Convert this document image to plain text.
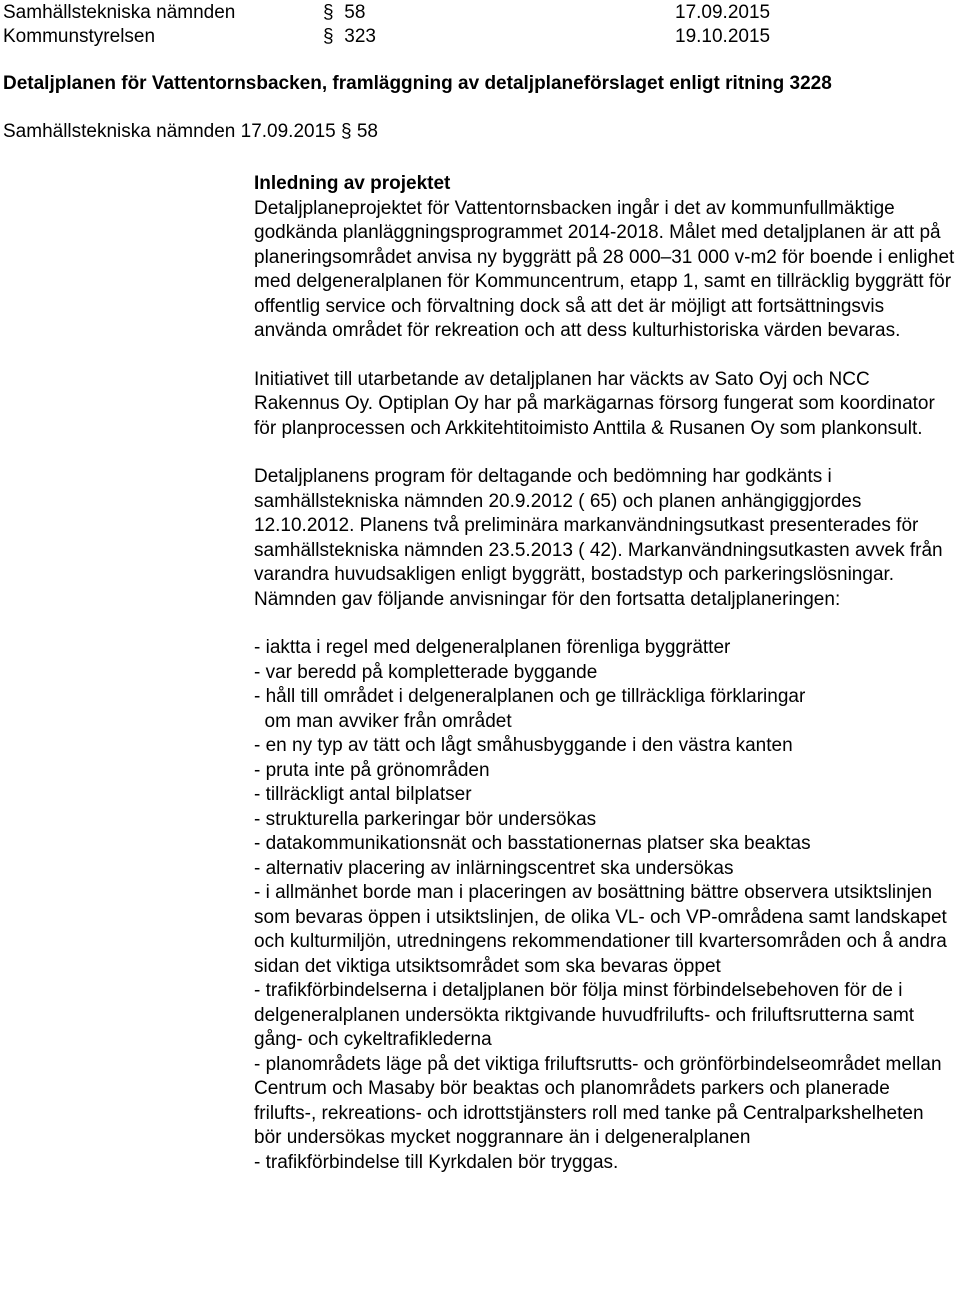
Samhällstekniska nämnden	§ 58	17.09.2015
Kommunstyrelsen	§ 323	19.10.2015
Detaljplanen för Vattentornsbacken, framläggning av detaljplaneförslaget enligt ritning 3228
Samhällstekniska nämnden 17.09.2015 § 58

Inledning av projektet

Detaljplaneprojektet för Vattentornsbacken ingår i det av kommunfullmäktige godkända planläggningsprogrammet 2014-2018. Målet med detaljplanen är att på planeringsområdet anvisa ny byggrätt på 28 000–31 000 v-m2 för boende i enlighet med delgeneralplanen för Kommuncentrum, etapp 1, samt en tillräcklig byggrätt för offentlig service och förvaltning dock så att det är möjligt att fortsättningsvis använda området för rekreation och att dess kulturhistoriska värden bevaras.

Initiativet till utarbetande av detaljplanen har väckts av Sato Oyj och NCC Rakennus Oy. Optiplan Oy har på markägarnas försorg fungerat som koordinator för planprocessen och Arkkitehtitoimisto Anttila & Rusanen Oy som plankonsult.

Detaljplanens program för deltagande och bedömning har godkänts i samhällstekniska nämnden 20.9.2012 ( 65) och planen anhängiggjordes 12.10.2012. Planens två preliminära markanvändningsutkast presenterades för samhällstekniska nämnden 23.5.2013 ( 42). Markanvändningsutkasten avvek från varandra huvudsakligen enligt byggrätt, bostadstyp och parkeringslösningar. Nämnden gav följande anvisningar för den fortsatta detaljplaneringen:

- iaktta i regel med delgeneralplanen förenliga byggrätter
- var beredd på kompletterade byggande
- håll till området i delgeneralplanen och ge tillräckliga förklaringar
om man avviker från området
- en ny typ av tätt och lågt småhusbyggande i den västra kanten
- pruta inte på grönområden
- tillräckligt antal bilplatser
- strukturella parkeringar bör undersökas
- datakommunikationsnät och basstationernas platser ska beaktas
- alternativ placering av inlärningscentret ska undersökas
- i allmänhet borde man i placeringen av bosättning bättre observera utsiktslinjen som bevaras öppen i utsiktslinjen, de olika VL- och VP-områdena samt landskapet och kulturmiljön, utredningens rekommendationer till kvartersområden och å andra sidan det viktiga utsiktsområdet som ska bevaras öppet
- trafikförbindelserna i detaljplanen bör följa minst förbindelsebehoven för de i delgeneralplanen undersökta riktgivande huvudfrilufts- och friluftsrutterna samt gång- och cykeltrafiklederna
- planområdets läge på det viktiga friluftsrutts- och grönförbindelseområdet mellan Centrum och Masaby bör beaktas och planområdets parkers och planerade frilufts-, rekreations- och idrottstjänsters roll med tanke på Centralparkshelheten bör undersökas mycket noggrannare än i delgeneralplanen
- trafikförbindelse till Kyrkdalen bör tryggas.
